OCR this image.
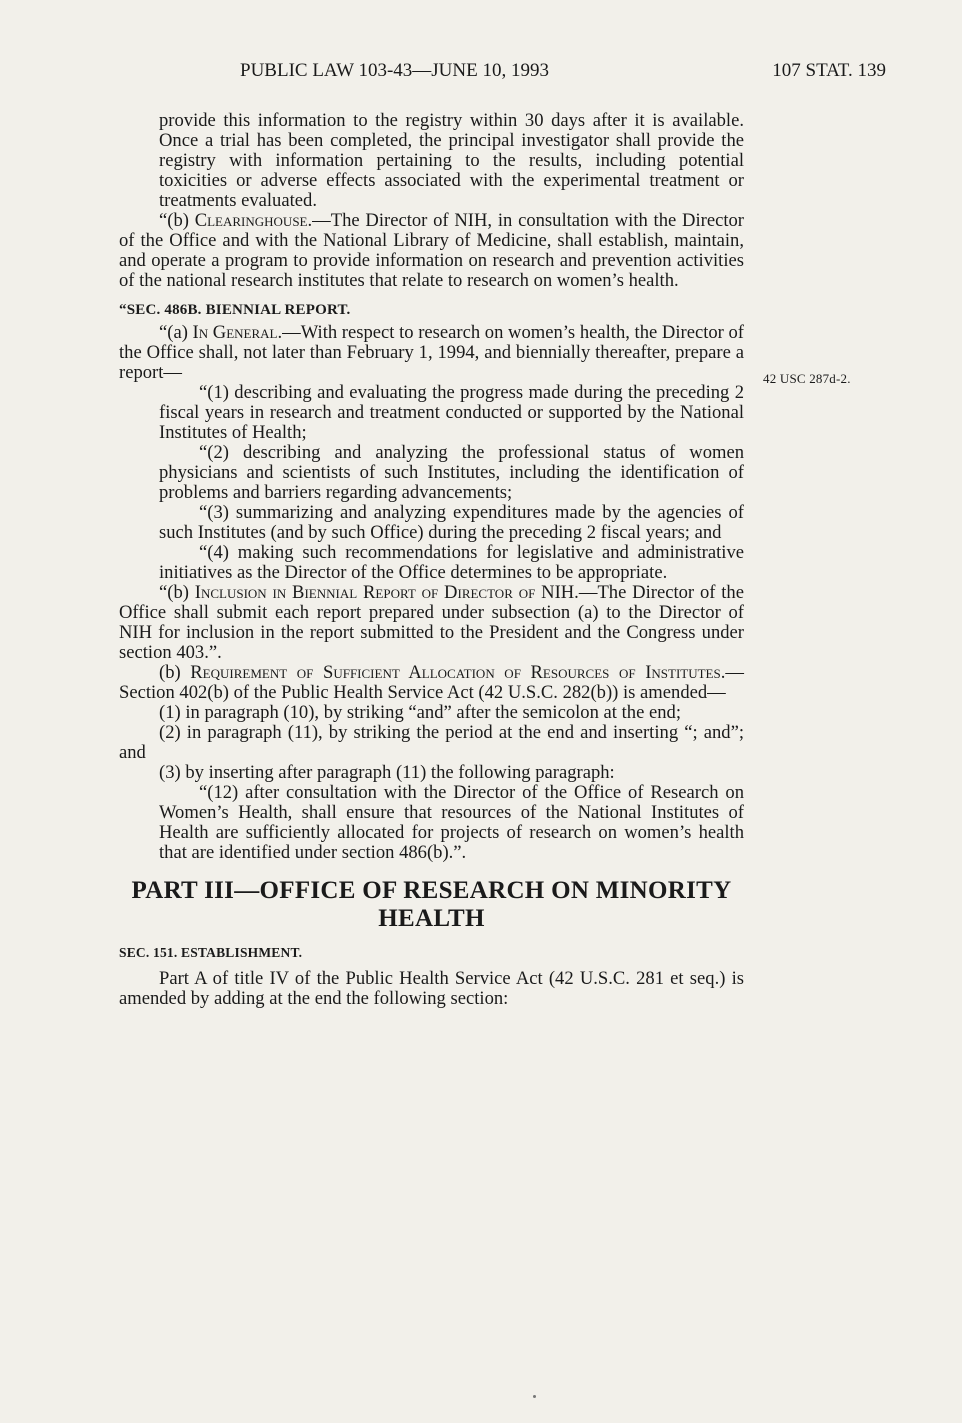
PUBLIC LAW 103-43—JUNE 10, 1993	107 STAT. 139
42 USC 287d-2.

provide this information to the registry within 30 days after it is available. Once a trial has been completed, the principal investigator shall provide the registry with information pertaining to the results, including potential toxicities or adverse effects associated with the experimental treatment or treatments evaluated.

“(b) Clearinghouse.—The Director of NIH, in consultation with the Director of the Office and with the National Library of Medicine, shall establish, maintain, and operate a program to provide information on research and prevention activities of the national research institutes that relate to research on women’s health.

“SEC. 486B. BIENNIAL REPORT.

“(a) In General.—With respect to research on women’s health, the Director of the Office shall, not later than February 1, 1994, and biennially thereafter, prepare a report—

“(1) describing and evaluating the progress made during the preceding 2 fiscal years in research and treatment conducted or supported by the National Institutes of Health;

“(2) describing and analyzing the professional status of women physicians and scientists of such Institutes, including the identification of problems and barriers regarding advancements;

“(3) summarizing and analyzing expenditures made by the agencies of such Institutes (and by such Office) during the preceding 2 fiscal years; and

“(4) making such recommendations for legislative and administrative initiatives as the Director of the Office determines to be appropriate.

“(b) Inclusion in Biennial Report of Director of NIH.—The Director of the Office shall submit each report prepared under subsection (a) to the Director of NIH for inclusion in the report submitted to the President and the Congress under section 403.”.

(b) Requirement of Sufficient Allocation of Resources of Institutes.—Section 402(b) of the Public Health Service Act (42 U.S.C. 282(b)) is amended—

(1) in paragraph (10), by striking “and” after the semicolon at the end;

(2) in paragraph (11), by striking the period at the end and inserting “; and”; and

(3) by inserting after paragraph (11) the following paragraph:

“(12) after consultation with the Director of the Office of Research on Women’s Health, shall ensure that resources of the National Institutes of Health are sufficiently allocated for projects of research on women’s health that are identified under section 486(b).”.

PART III—OFFICE OF RESEARCH ON MINORITY HEALTH

SEC. 151. ESTABLISHMENT.

Part A of title IV of the Public Health Service Act (42 U.S.C. 281 et seq.) is amended by adding at the end the following section:
